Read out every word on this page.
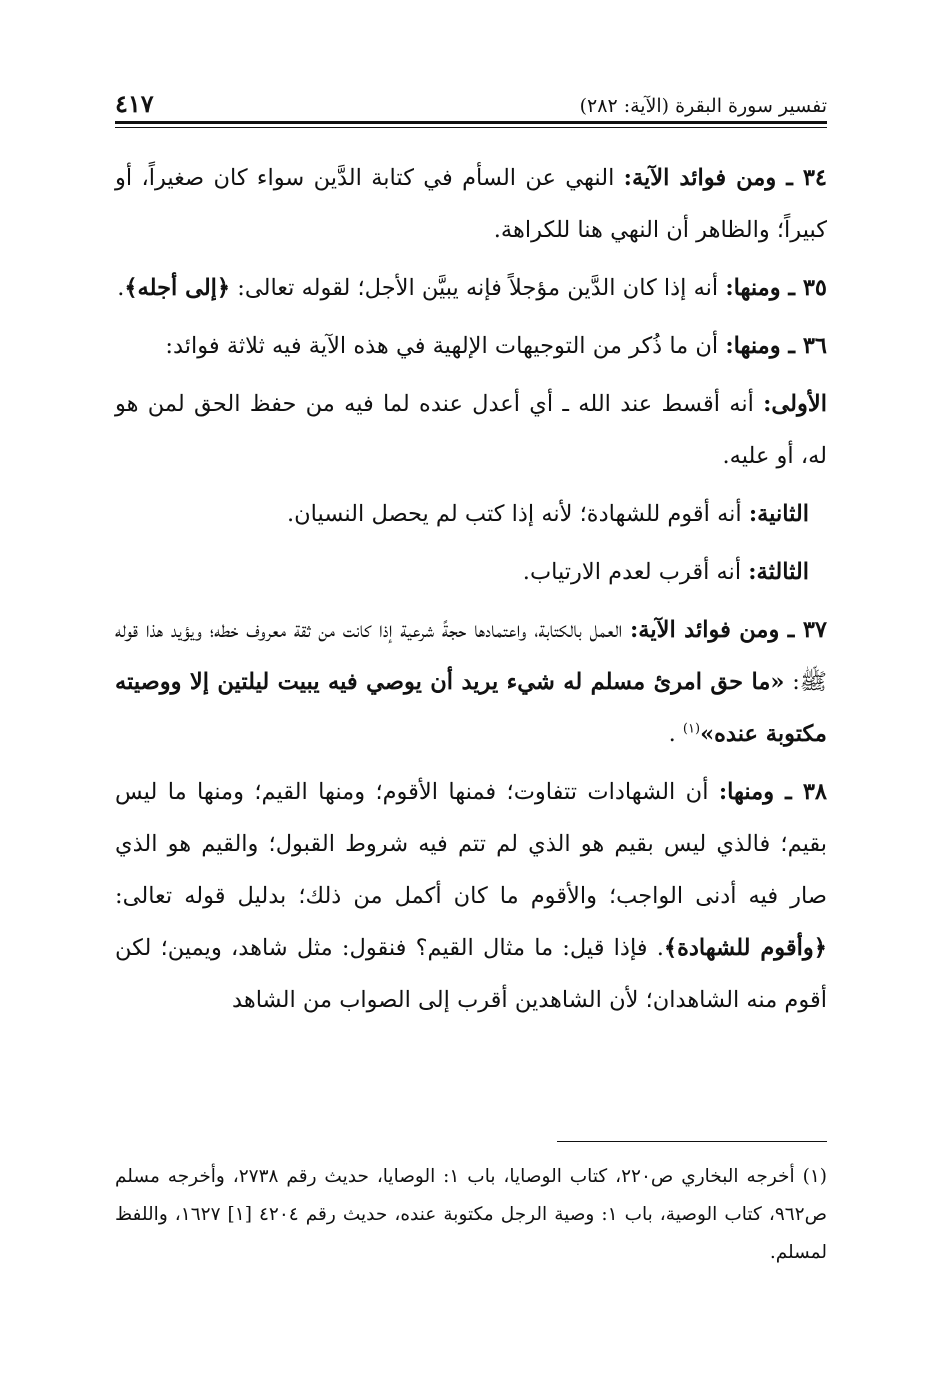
تفسير سورة البقرة (الآية: ٢٨٢)
٤١٧

٣٤ ـ ومن فوائد الآية: النهي عن السأم في كتابة الدَّين سواء كان صغيراً، أو كبيراً؛ والظاهر أن النهي هنا للكراهة.

٣٥ ـ ومنها: أنه إذا كان الدَّين مؤجلاً فإنه يبيَّن الأجل؛ لقوله تعالى: ﴿إلى أجله﴾.

٣٦ ـ ومنها: أن ما ذُكر من التوجيهات الإلهية في هذه الآية فيه ثلاثة فوائد:

الأولى: أنه أقسط عند الله ـ أي أعدل عنده لما فيه من حفظ الحق لمن هو له، أو عليه.

الثانية: أنه أقوم للشهادة؛ لأنه إذا كتب لم يحصل النسيان.

الثالثة: أنه أقرب لعدم الارتياب.

٣٧ ـ ومن فوائد الآية: العمل بالكتابة، واعتمادها حجةً شرعية إذا كانت من ثقة معروف خطه؛ ويؤيد هذا قوله ﷺ: «ما حق امرئ مسلم له شيء يريد أن يوصي فيه يبيت ليلتين إلا ووصيته مكتوبة عنده»$^{(١)}$ .

٣٨ ـ ومنها: أن الشهادات تتفاوت؛ فمنها الأقوم؛ ومنها القيم؛ ومنها ما ليس بقيم؛ فالذي ليس بقيم هو الذي لم تتم فيه شروط القبول؛ والقيم هو الذي صار فيه أدنى الواجب؛ والأقوم ما كان أكمل من ذلك؛ بدليل قوله تعالى: ﴿وأقوم للشهادة﴾. فإذا قيل: ما مثال القيم؟ فنقول: مثل شاهد، ويمين؛ لكن أقوم منه الشاهدان؛ لأن الشاهدين أقرب إلى الصواب من الشاهد

(١)أخرجه البخاري ص٢٢٠، كتاب الوصايا، باب ١: الوصايا، حديث رقم ٢٧٣٨، وأخرجه مسلم ص٩٦٢، كتاب الوصية، باب ١: وصية الرجل مكتوبة عنده، حديث رقم ٤٢٠٤ [١] ١٦٢٧، واللفظ لمسلم.
